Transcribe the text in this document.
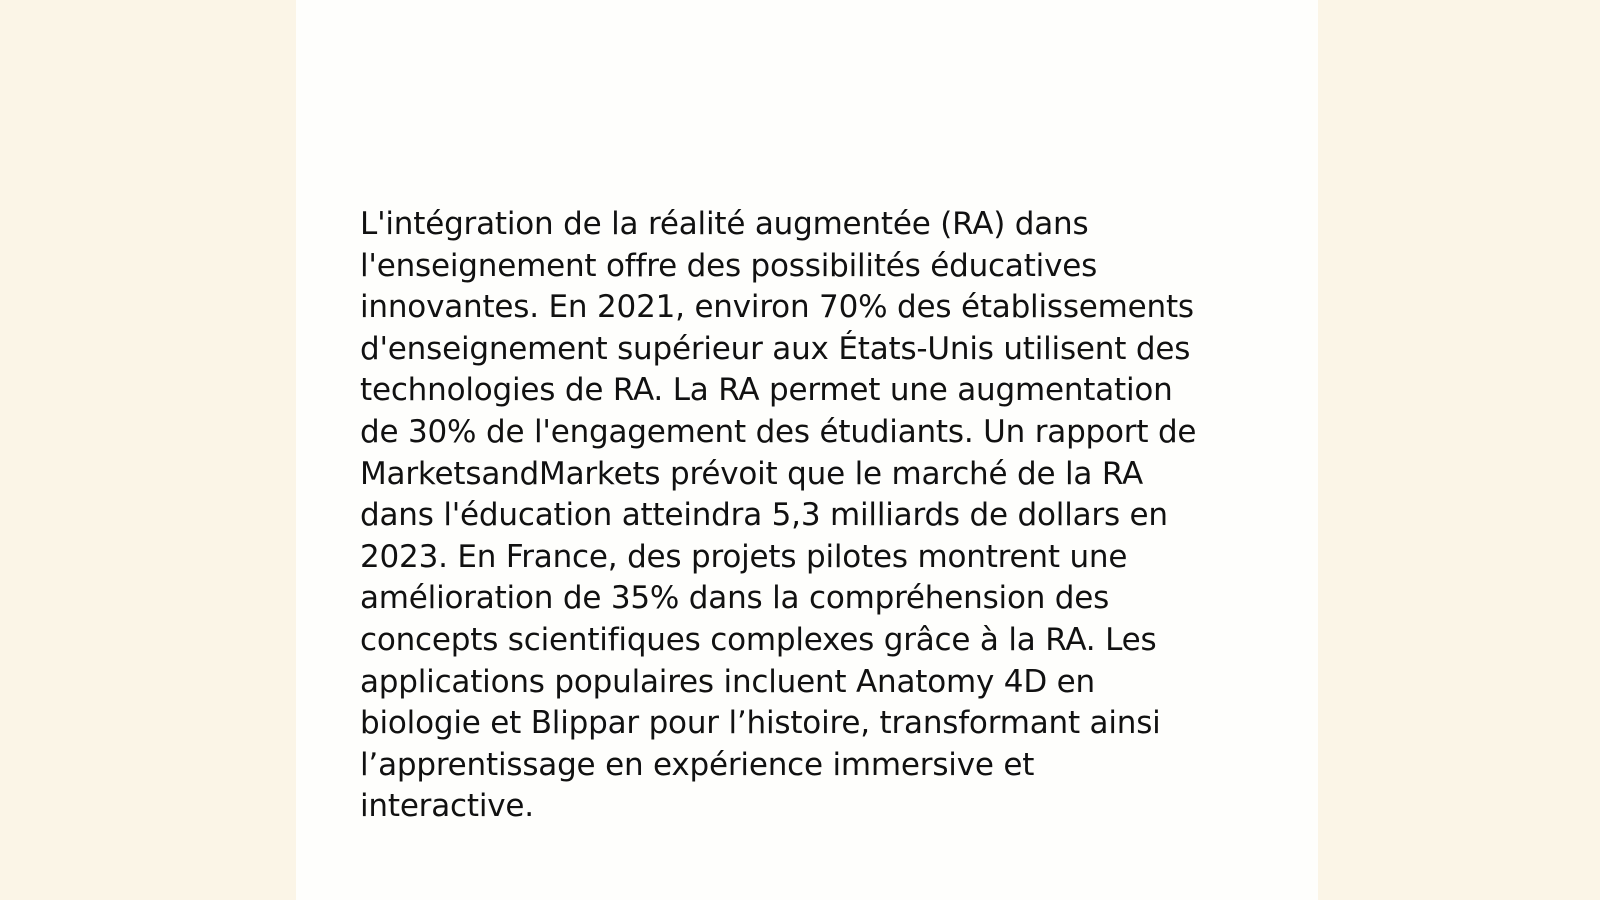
L'intégration de la réalité augmentée (RA) dans
l'enseignement offre des possibilités éducatives
innovantes. En 2021, environ 70% des établissements
d'enseignement supérieur aux États-Unis utilisent des
technologies de RA. La RA permet une augmentation
de 30% de l'engagement des étudiants. Un rapport de
MarketsandMarkets prévoit que le marché de la RA
dans l'éducation atteindra 5,3 milliards de dollars en
2023. En France, des projets pilotes montrent une
amélioration de 35% dans la compréhension des
concepts scientifiques complexes grâce à la RA. Les
applications populaires incluent Anatomy 4D en
biologie et Blippar pour l’histoire, transformant ainsi
l’apprentissage en expérience immersive et
interactive.
